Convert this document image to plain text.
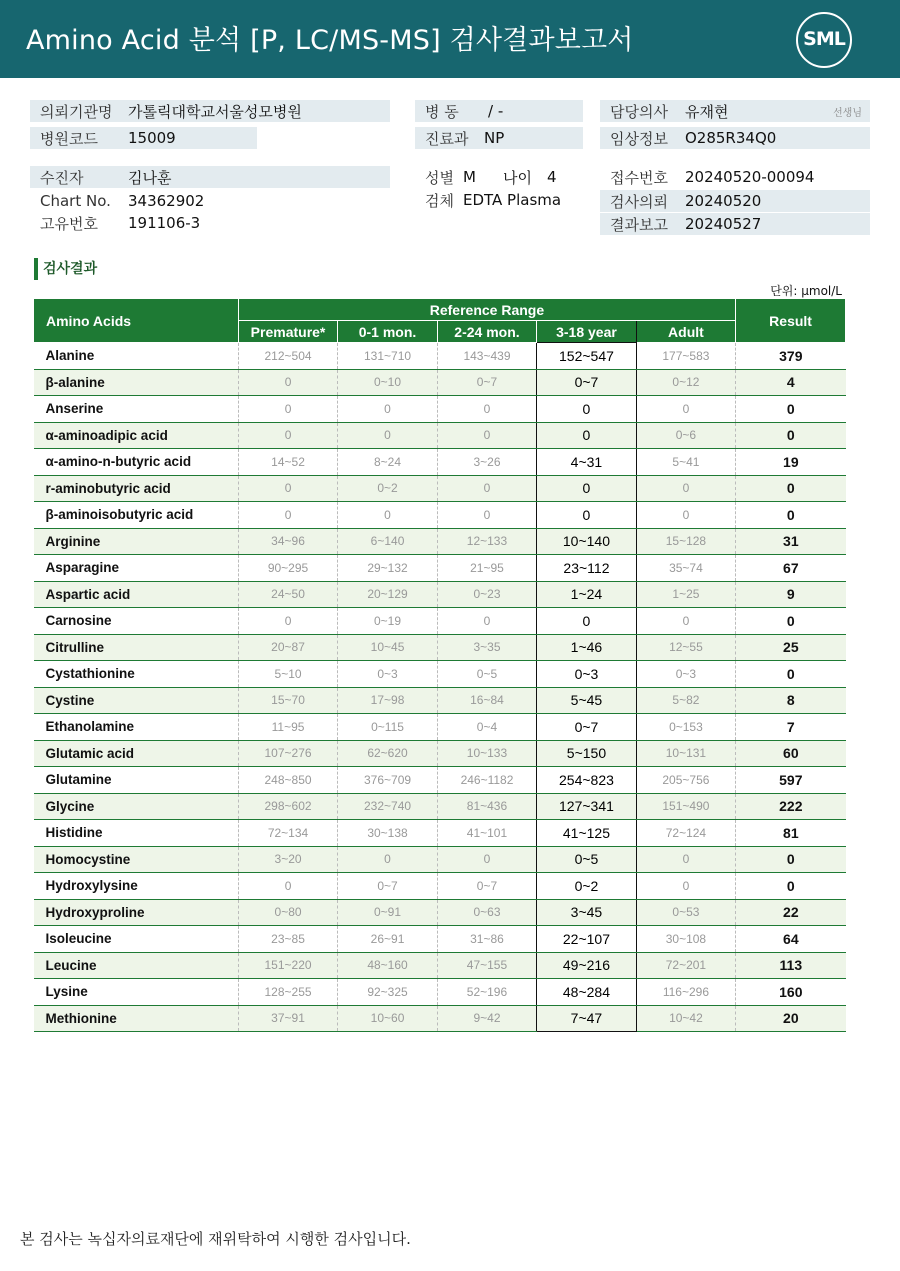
Amino Acid 분석 [P, LC/MS-MS] 검사결과보고서	SML
의뢰기관명	가톨릭대학교서울성모병원
병원코드	15009
수진자	김나훈
Chart No.	34362902
고유번호	191106-3
병 동	/ -
진료과	NP
성별 M	나이	4
검체 EDTA Plasma
담당의사	유재현	선생님
임상정보	O285R34Q0
접수번호	20240520-00094
검사의뢰	20240520
결과보고	20240527
검사결과
단위: μmol/L
Amino Acids	Reference Range					Result
	Premature*	0-1 mon.	2-24 mon.	3-18 year	Adult	
Alanine	212~504	131~710	143~439	152~547	177~583	379
β-alanine	0	0~10	0~7	0~7	0~12	4
Anserine	0	0	0	0	0	0
α-aminoadipic acid	0	0	0	0	0~6	0
α-amino-n-butyric acid	14~52	8~24	3~26	4~31	5~41	19
r-aminobutyric acid	0	0~2	0	0	0	0
β-aminoisobutyric acid	0	0	0	0	0	0
Arginine	34~96	6~140	12~133	10~140	15~128	31
Asparagine	90~295	29~132	21~95	23~112	35~74	67
Aspartic acid	24~50	20~129	0~23	1~24	1~25	9
Carnosine	0	0~19	0	0	0	0
Citrulline	20~87	10~45	3~35	1~46	12~55	25
Cystathionine	5~10	0~3	0~5	0~3	0~3	0
Cystine	15~70	17~98	16~84	5~45	5~82	8
Ethanolamine	11~95	0~115	0~4	0~7	0~153	7
Glutamic acid	107~276	62~620	10~133	5~150	10~131	60
Glutamine	248~850	376~709	246~1182	254~823	205~756	597
Glycine	298~602	232~740	81~436	127~341	151~490	222
Histidine	72~134	30~138	41~101	41~125	72~124	81
Homocystine	3~20	0	0	0~5	0	0
Hydroxylysine	0	0~7	0~7	0~2	0	0
Hydroxyproline	0~80	0~91	0~63	3~45	0~53	22
Isoleucine	23~85	26~91	31~86	22~107	30~108	64
Leucine	151~220	48~160	47~155	49~216	72~201	113
Lysine	128~255	92~325	52~196	48~284	116~296	160
Methionine	37~91	10~60	9~42	7~47	10~42	20
본 검사는 녹십자의료재단에 재위탁하여 시행한 검사입니다.
